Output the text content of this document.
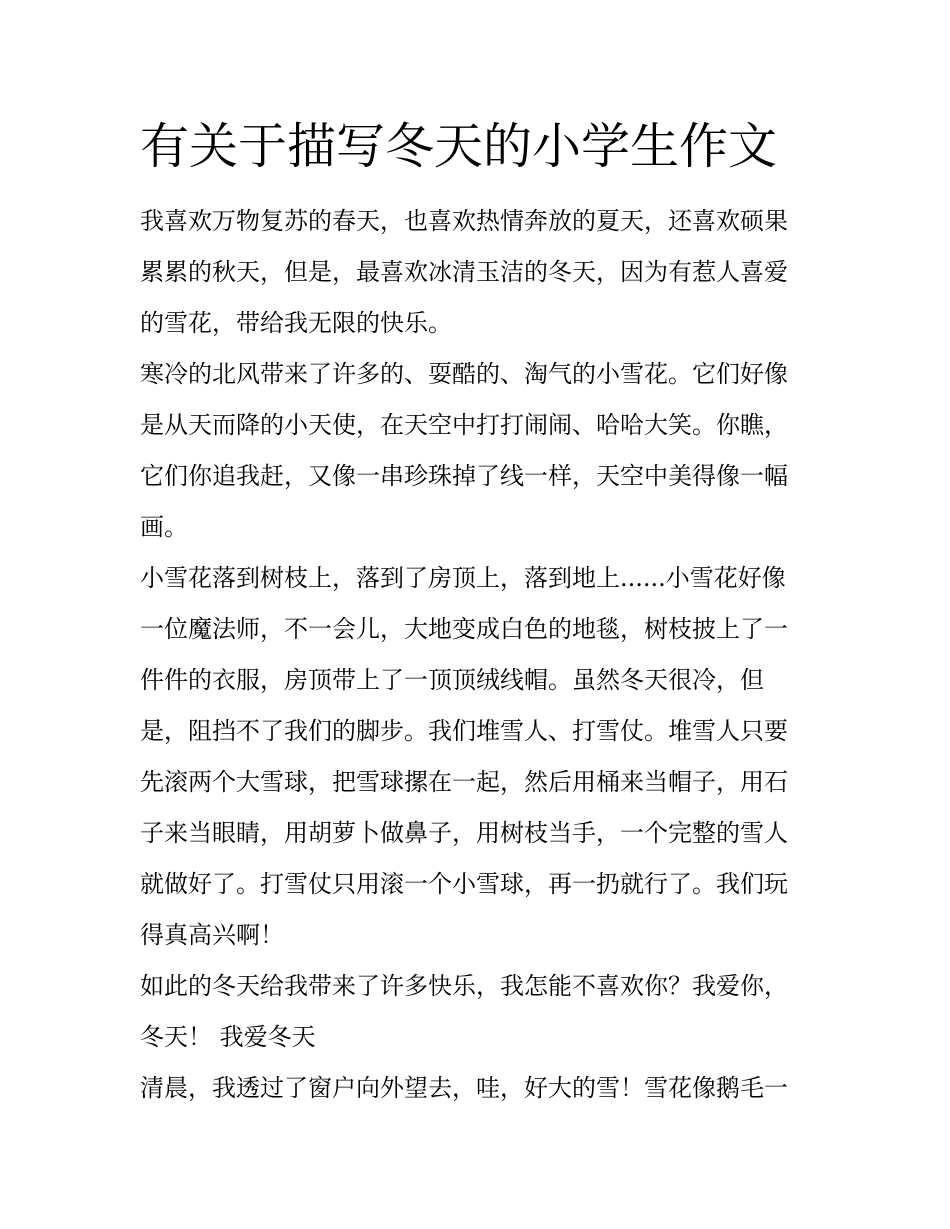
有关于描写冬天的小学生作文
我喜欢万物复苏的春天，也喜欢热情奔放的夏天，还喜欢硕果
累累的秋天，但是，最喜欢冰清玉洁的冬天，因为有惹人喜爱
的雪花，带给我无限的快乐。
寒冷的北风带来了许多的、耍酷的、淘气的小雪花。它们好像
是从天而降的小天使，在天空中打打闹闹、哈哈大笑。你瞧，
它们你追我赶，又像一串珍珠掉了线一样，天空中美得像一幅
画。
小雪花落到树枝上，落到了房顶上，落到地上......小雪花好像
一位魔法师，不一会儿，大地变成白色的地毯，树枝披上了一
件件的衣服，房顶带上了一顶顶绒线帽。虽然冬天很冷，但
是，阻挡不了我们的脚步。我们堆雪人、打雪仗。堆雪人只要
先滚两个大雪球，把雪球摞在一起，然后用桶来当帽子，用石
子来当眼睛，用胡萝卜做鼻子，用树枝当手，一个完整的雪人
就做好了。打雪仗只用滚一个小雪球，再一扔就行了。我们玩
得真高兴啊！
如此的冬天给我带来了许多快乐，我怎能不喜欢你？我爱你，
冬天！ 我爱冬天
清晨，我透过了窗户向外望去，哇，好大的雪！雪花像鹅毛一
